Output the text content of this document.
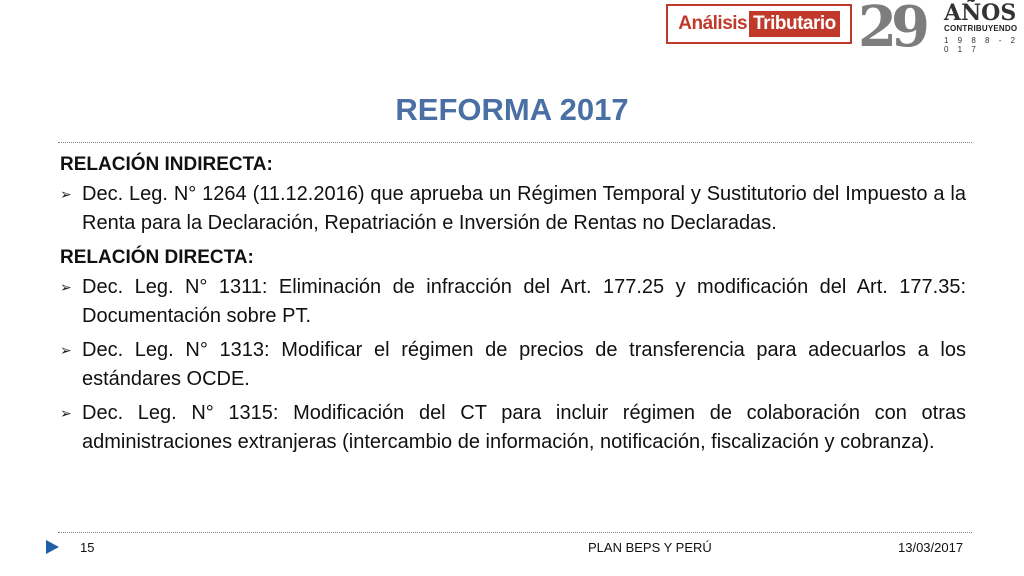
Análisis Tributario 29 AÑOS
CONTRIBUYENDO
1 9 8 8 - 2 0 1 7
REFORMA 2017
RELACIÓN INDIRECTA:
➢ Dec. Leg. N° 1264 (11.12.2016) que aprueba un Régimen Temporal y Sustitutorio del Impuesto a la Renta para la Declaración, Repatriación e Inversión de Rentas no Declaradas.
RELACIÓN DIRECTA:
➢ Dec. Leg. N° 1311: Eliminación de infracción del Art. 177.25 y modificación del Art. 177.35: Documentación sobre PT.
➢ Dec. Leg. N° 1313: Modificar el régimen de precios de transferencia para adecuarlos a los estándares OCDE.
➢ Dec. Leg. N° 1315: Modificación del CT para incluir régimen de colaboración con otras administraciones extranjeras (intercambio de información, notificación, fiscalización y cobranza).
15	PLAN BEPS Y PERÚ	13/03/2017
